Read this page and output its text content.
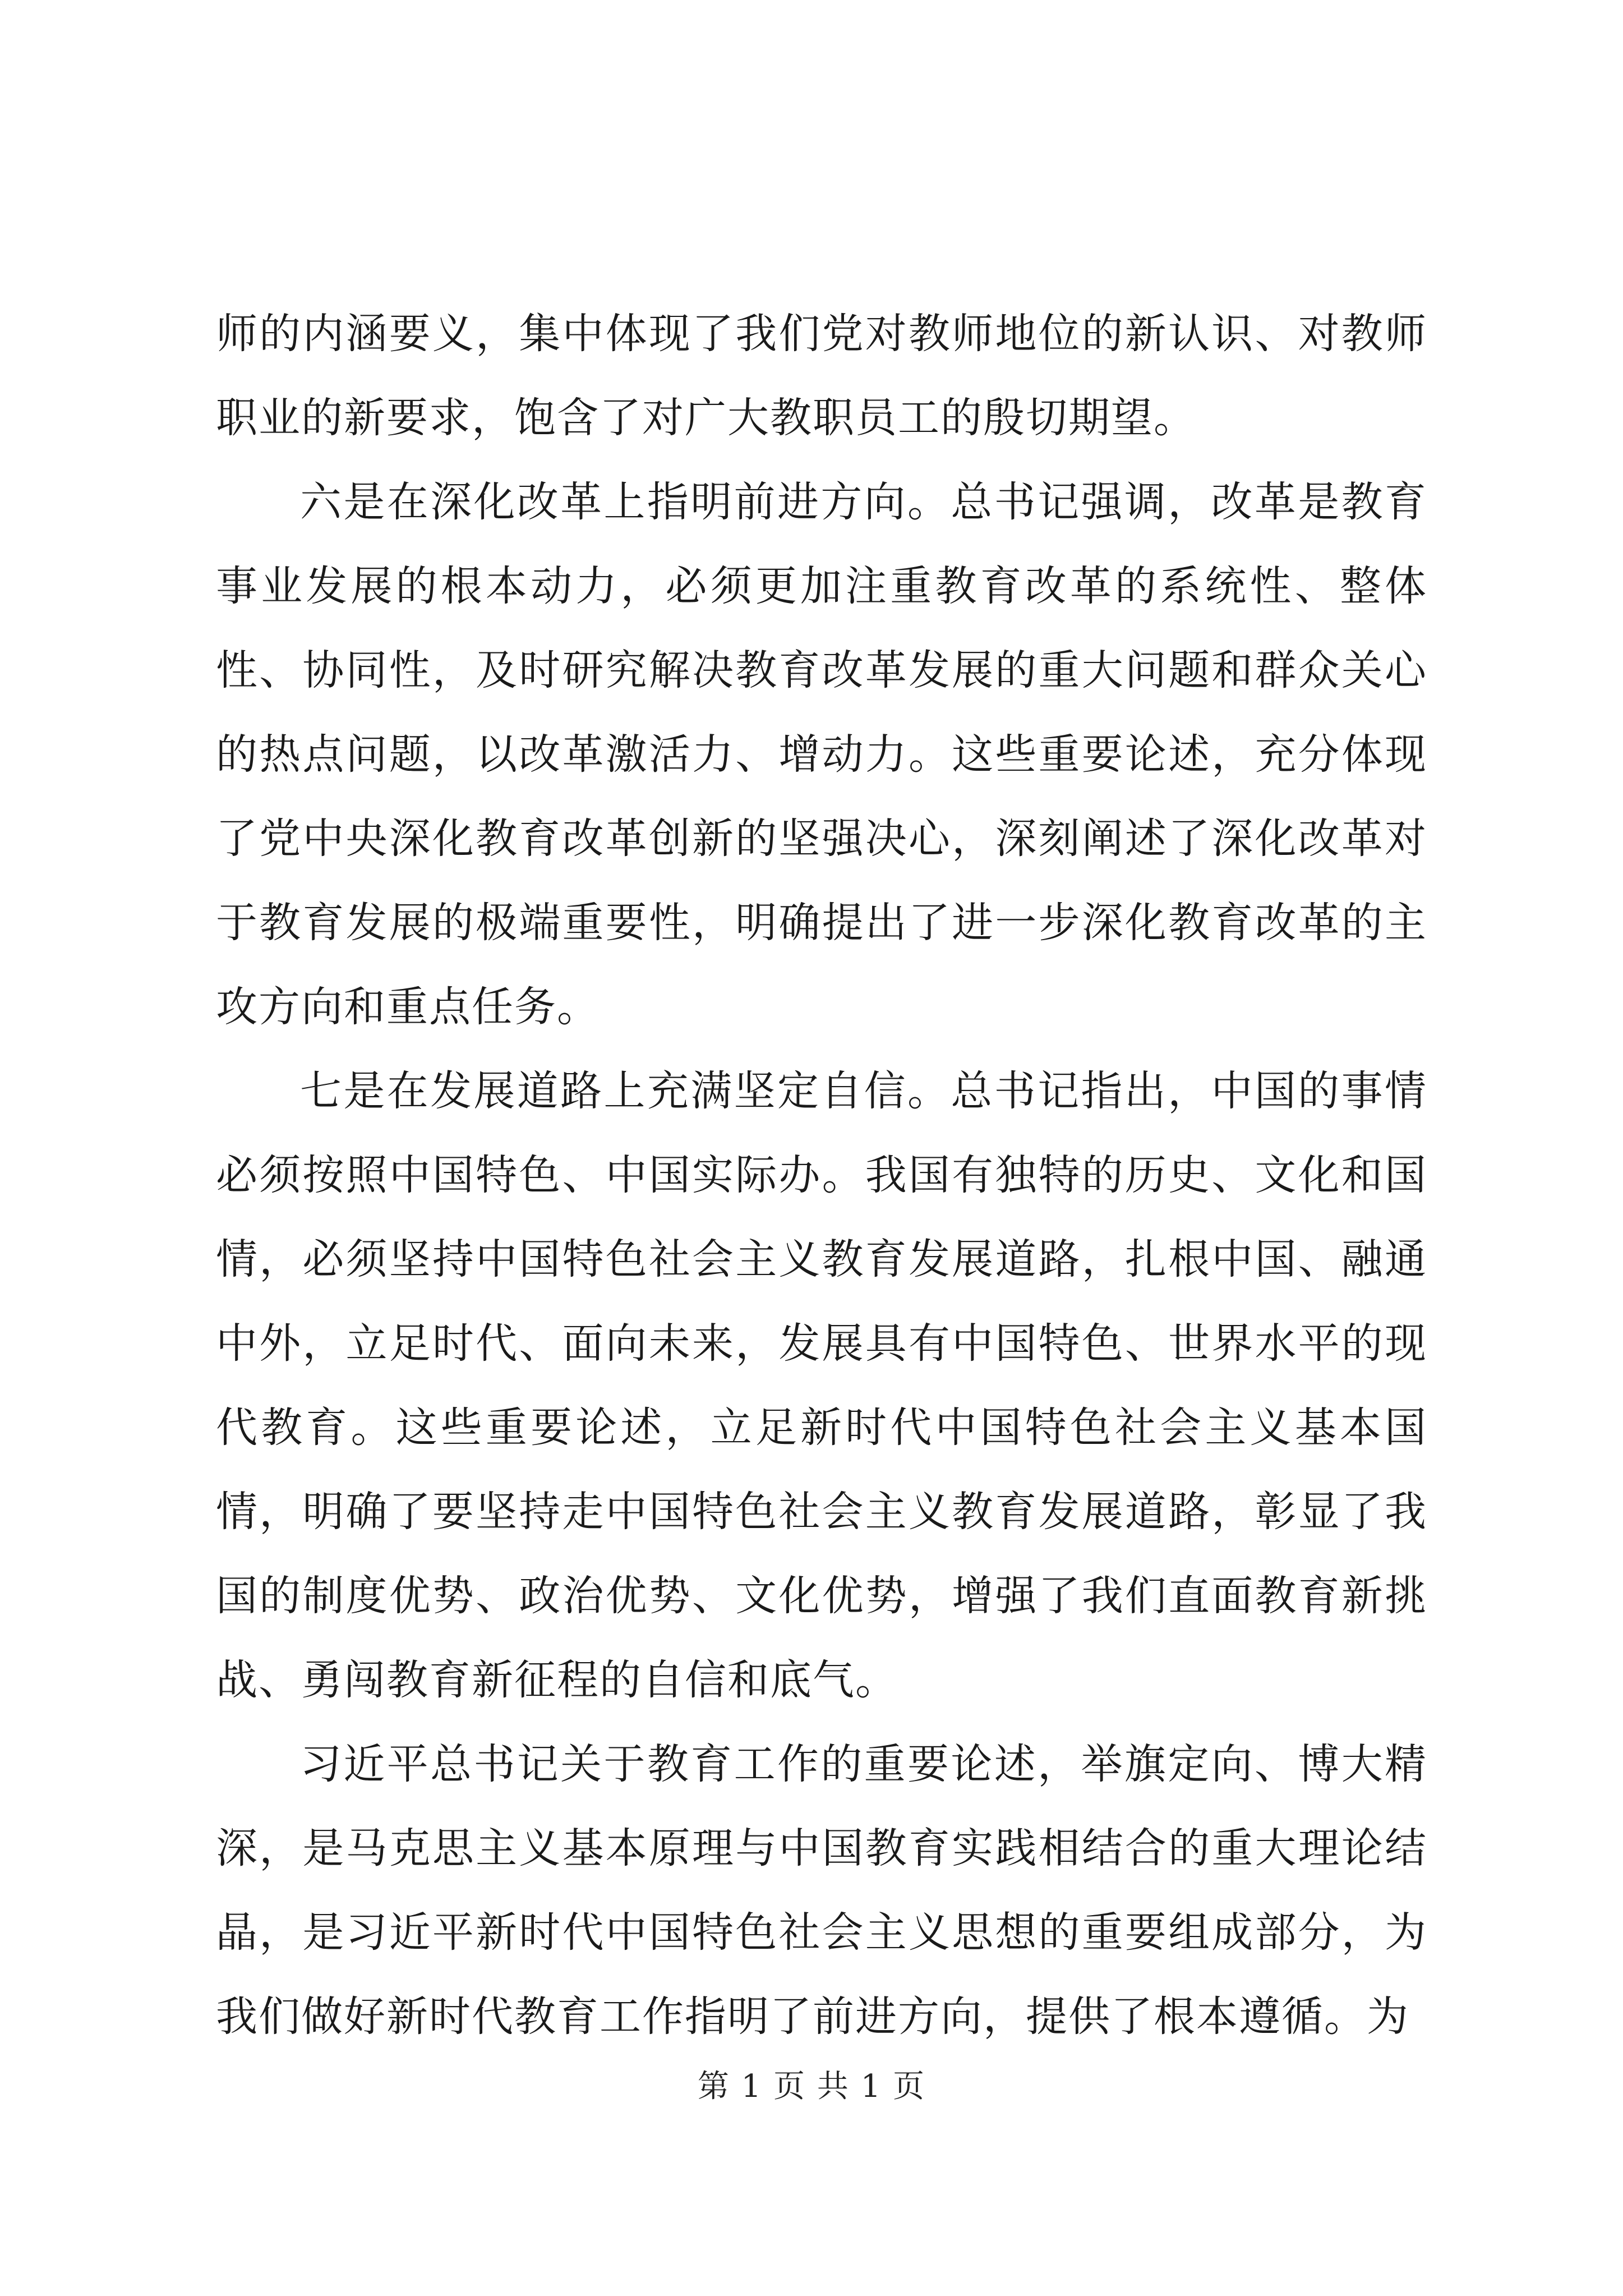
师的内涵要义，集中体现了我们党对教师地位的新认识、对教师职业的新要求，饱含了对广大教职员工的殷切期望。

六是在深化改革上指明前进方向。总书记强调，改革是教育事业发展的根本动力，必须更加注重教育改革的系统性、整体性、协同性，及时研究解决教育改革发展的重大问题和群众关心的热点问题，以改革激活力、增动力。这些重要论述，充分体现了党中央深化教育改革创新的坚强决心，深刻阐述了深化改革对于教育发展的极端重要性，明确提出了进一步深化教育改革的主攻方向和重点任务。

七是在发展道路上充满坚定自信。总书记指出，中国的事情必须按照中国特色、中国实际办。我国有独特的历史、文化和国情，必须坚持中国特色社会主义教育发展道路，扎根中国、融通中外，立足时代、面向未来，发展具有中国特色、世界水平的现代教育。这些重要论述，立足新时代中国特色社会主义基本国情，明确了要坚持走中国特色社会主义教育发展道路，彰显了我国的制度优势、政治优势、文化优势，增强了我们直面教育新挑战、勇闯教育新征程的自信和底气。

习近平总书记关于教育工作的重要论述，举旗定向、博大精深，是马克思主义基本原理与中国教育实践相结合的重大理论结晶，是习近平新时代中国特色社会主义思想的重要组成部分，为我们做好新时代教育工作指明了前进方向，提供了根本遵循。为

第 1 页 共 1 页
